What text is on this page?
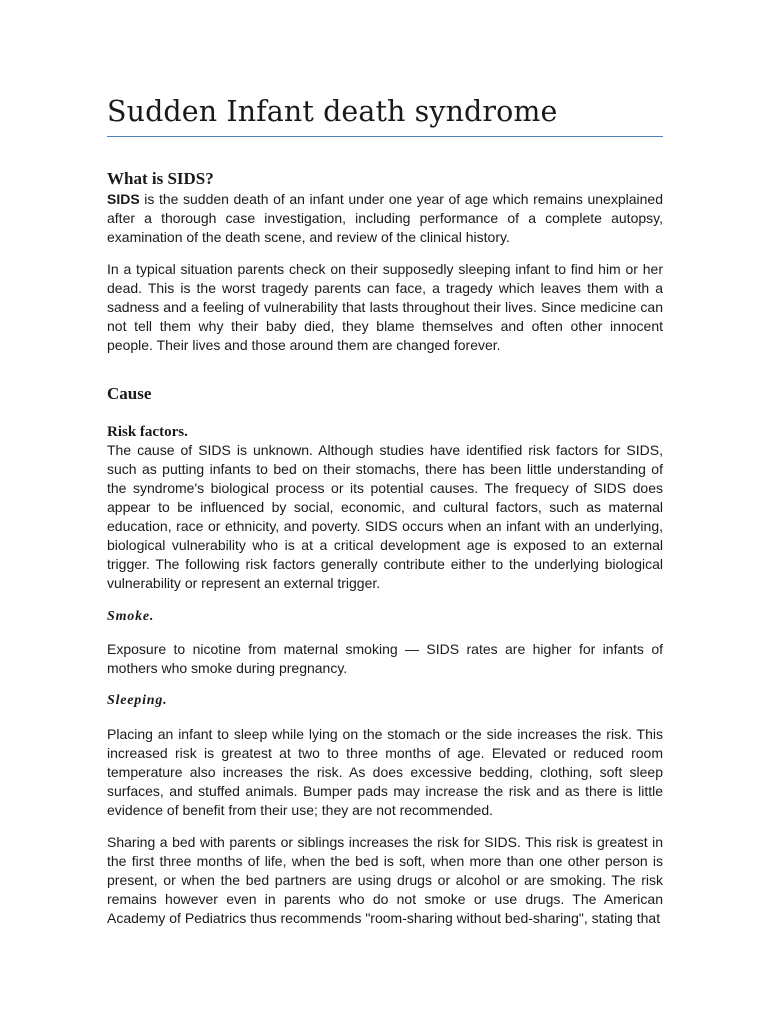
Sudden Infant death syndrome
What is SIDS?

SIDS is the sudden death of an infant under one year of age which remains unexplained after a thorough case investigation, including performance of a complete autopsy, examination of the death scene, and review of the clinical history.

In a typical situation parents check on their supposedly sleeping infant to find him or her dead. This is the worst tragedy parents can face, a tragedy which leaves them with a sadness and a feeling of vulnerability that lasts throughout their lives. Since medicine can not tell them why their baby died, they blame themselves and often other innocent people. Their lives and those around them are changed forever.

Cause
Risk factors.

The cause of SIDS is unknown. Although studies have identified risk factors for SIDS, such as putting infants to bed on their stomachs, there has been little understanding of the syndrome's biological process or its potential causes. The frequecy of SIDS does appear to be influenced by social, economic, and cultural factors, such as maternal education, race or ethnicity, and poverty. SIDS occurs when an infant with an underlying, biological vulnerability who is at a critical development age is exposed to an external trigger. The following risk factors generally contribute either to the underlying biological vulnerability or represent an external trigger.

Smoke.

Exposure to nicotine from maternal smoking — SIDS rates are higher for infants of mothers who smoke during pregnancy.

Sleeping.

Placing an infant to sleep while lying on the stomach or the side increases the risk. This increased risk is greatest at two to three months of age. Elevated or reduced room temperature also increases the risk. As does excessive bedding, clothing, soft sleep surfaces, and stuffed animals. Bumper pads may increase the risk and as there is little evidence of benefit from their use; they are not recommended.

Sharing a bed with parents or siblings increases the risk for SIDS. This risk is greatest in the first three months of life, when the bed is soft, when more than one other person is present, or when the bed partners are using drugs or alcohol or are smoking. The risk remains however even in parents who do not smoke or use drugs. The American Academy of Pediatrics thus recommends "room-sharing without bed-sharing", stating that
